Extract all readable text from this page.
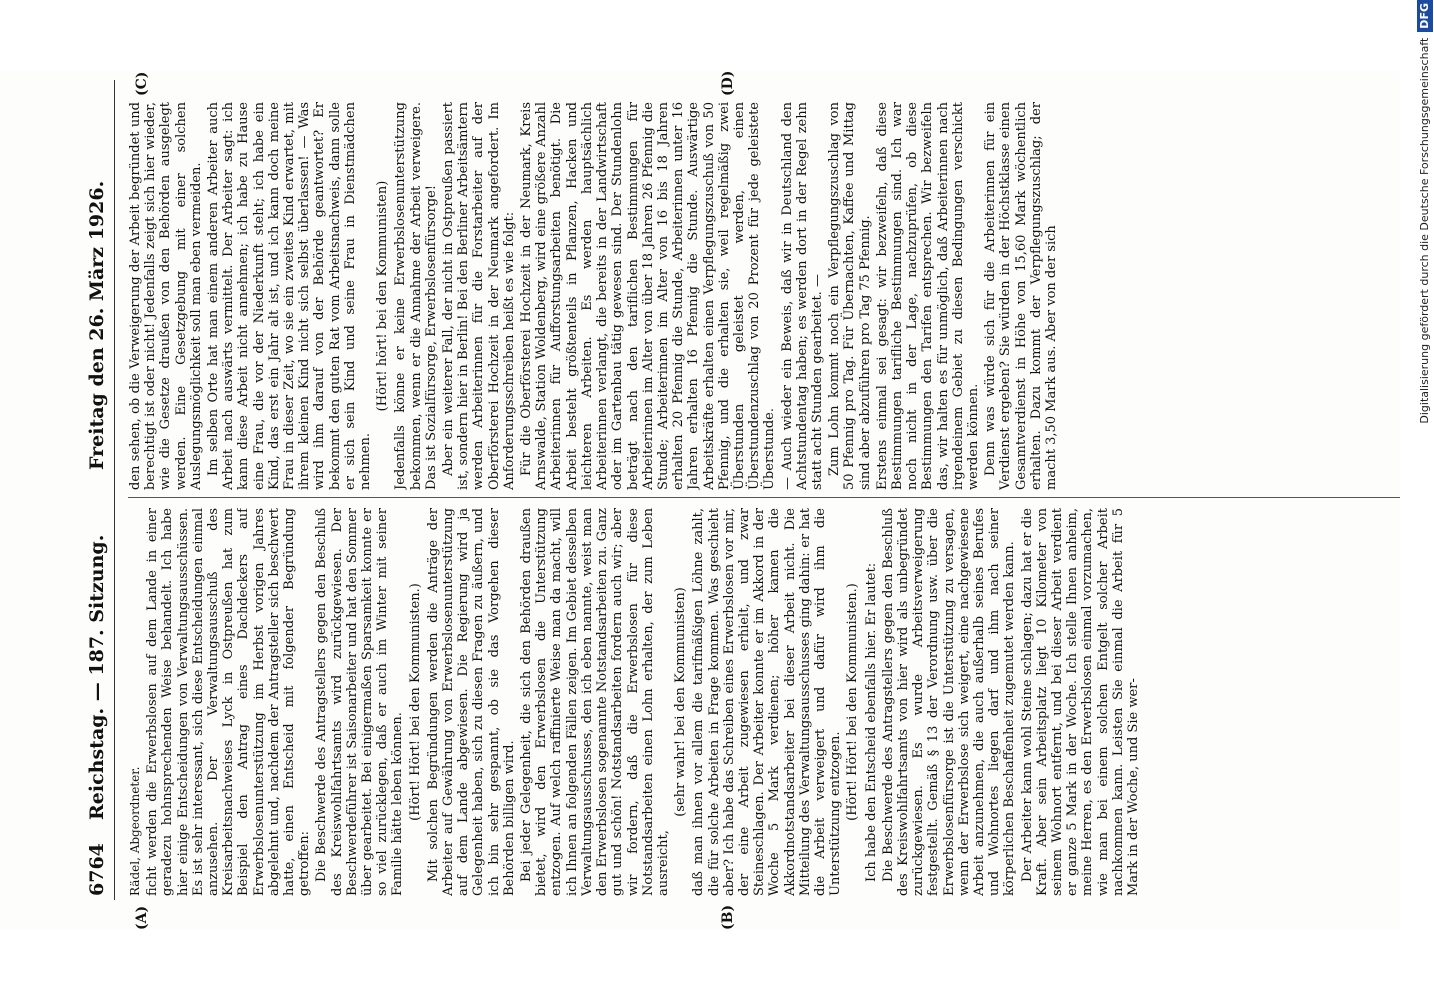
6764
Reichstag. — 187. Sitzung.
Freitag den 26. März 1926.
(A)	(B)
(C)	(D)

Rädel, Abgeordneter. ficht werden die Erwerbslosen auf dem Lande in einer geradezu hohnsprechenden Weise behandelt. Ich habe hier einige Entscheidungen von Verwaltungsausschüssen. Es ist sehr interessant, sich diese Entscheidungen einmal anzusehen. Der Verwaltungsausschuß des Kreisarbeitsnachweises Lyck in Ostpreußen hat zum Beispiel den Antrag eines Dachdeckers auf Erwerbslosenunterstützung im Herbst vorigen Jahres abgelehnt und, nachdem der Antragsteller sich beschwert hatte, einen Entscheid mit folgender Begründung getroffen: Die Beschwerde des Antragstellers gegen den Beschluß des Kreiswohlfahrtsamts wird zurückgewiesen. Der Beschwerdeführer ist Saisonarbeiter und hat den Sommer über gearbeitet. Bei einigermaßen Sparsamkeit konnte er so viel zurücklegen, daß er auch im Winter mit seiner Familie hätte leben können. (Hört! Hört! bei den Kommunisten.) Mit solchen Begründungen werden die Anträge der Arbeiter auf Gewährung von Erwerbslosenunterstützung auf dem Lande abgewiesen. Die Regierung wird ja Gelegenheit haben, sich zu diesen Fragen zu äußern, und ich bin sehr gespannt, ob sie das Vorgehen dieser Behörden billigen wird. Bei jeder Gelegenheit, die sich den Behörden draußen bietet, wird den Erwerbslosen die Unterstützung entzogen. Auf welch raffinierte Weise man da macht, will ich Ihnen an folgenden Fällen zeigen. Im Gebiet desselben Verwaltungsausschusses, den ich eben nannte, weist man den Erwerbslosen sogenannte Notstandsarbeiten zu. Ganz gut und schön! Notstandsarbeiten fordern auch wir; aber wir fordern, daß die Erwerbslosen für diese Notstandsarbeiten einen Lohn erhalten, der zum Leben ausreicht,

(sehr wahr! bei den Kommunisten) daß man ihnen vor allem die tarifmäßigen Löhne zahlt, die für solche Arbeiten in Frage kommen. Was geschieht aber? Ich habe das Schreiben eines Erwerbslosen vor mir, der eine Arbeit zugewiesen erhielt, und zwar Steineschlagen. Der Arbeiter konnte er im Akkord in der Woche 5 Mark verdienen; höher kamen die Akkordnotstandsarbeiter bei dieser Arbeit nicht. Die Mitteilung des Verwaltungsausschusses ging dahin: er hat die Arbeit verweigert und dafür wird ihm die Unterstützung entzogen. (Hört! Hört! bei den Kommunisten.) Ich habe den Entscheid ebenfalls hier. Er lautet: Die Beschwerde des Antragstellers gegen den Beschluß des Kreiswohlfahrtsamts von hier wird als unbegründet zurückgewiesen. Es wurde Arbeitsverweigerung festgestellt. Gemäß § 13 der Verordnung usw. über die Erwerbslosenfürsorge ist die Unterstützung zu versagen, wenn der Erwerbslose sich weigert, eine nachgewiesene Arbeit anzunehmen, die auch außerhalb seines Berufes und Wohnortes liegen darf und ihm nach seiner körperlichen Beschaffenheit zugemutet werden kann. Der Arbeiter kann wohl Steine schlagen; dazu hat er die Kraft. Aber sein Arbeitsplatz liegt 10 Kilometer von seinem Wohnort entfernt, und bei dieser Arbeit verdient er ganze 5 Mark in der Woche. Ich stelle Ihnen anheim, meine Herren, es den Erwerbslosen einmal vorzumachen, wie man bei einem solchen Entgelt solcher Arbeit nachkommen kann. Leisten Sie einmal die Arbeit für 5 Mark in der Woche, und Sie wer-

den sehen, ob die Verweigerung der Arbeit begründet und berechtigt ist oder nicht! Jedenfalls zeigt sich hier wieder, wie die Gesetze draußen von den Behörden ausgelegt werden. Eine Gesetzgebung mit einer solchen Auslegungsmöglichkeit soll man eben vermeiden. Im selben Orte hat man einem anderen Arbeiter auch Arbeit nach auswärts vermittelt. Der Arbeiter sagt: ich kann diese Arbeit nicht annehmen; ich habe zu Hause eine Frau, die vor der Niederkunft steht; ich habe ein Kind, das erst ein Jahr alt ist, und ich kann doch meine Frau in dieser Zeit, wo sie ein zweites Kind erwartet, mit ihrem kleinen Kind nicht sich selbst überlassen! — Was wird ihm darauf von der Behörde geantwortet? Er bekommt den guten Rat vom Arbeitsnachweis, dann solle er sich sein Kind und seine Frau in Dienstmädchen nehmen.

(Hört! hört! bei den Kommunisten) Jedenfalls könne er keine Erwerbslosenunterstützung bekommen, wenn er die Annahme der Arbeit verweigere. Das ist Sozialfürsorge, Erwerbslosenfürsorge! Aber ein weiterer Fall, der nicht in Ostpreußen passiert ist, sondern hier in Berlin! Bei den Berliner Arbeitsämtern werden Arbeiterinnen für die Forstarbeiter auf der Oberförsterei Hochzeit in der Neumark angefordert. Im Anforderungsschreiben heißt es wie folgt: Für die Oberförsterei Hochzeit in der Neumark, Kreis Arnswalde, Station Woldenberg, wird eine größere Anzahl Arbeiterinnen für Aufforstungsarbeiten benötigt. Die Arbeit besteht größtenteils in Pflanzen, Hacken und leichteren Arbeiten. Es werden hauptsächlich Arbeiterinnen verlangt, die bereits in der Landwirtschaft oder im Gartenbau tätig gewesen sind. Der Stundenlohn beträgt nach den tariflichen Bestimmungen für Arbeiterinnen im Alter von über 18 Jahren 26 Pfennig die Stunde; Arbeiterinnen im Alter von 16 bis 18 Jahren erhalten 20 Pfennig die Stunde, Arbeiterinnen unter 16 Jahren erhalten 16 Pfennig die Stunde. Auswärtige Arbeitskräfte erhalten einen Verpflegungszuschuß von 50 Pfennig, und die erhalten sie, weil regelmäßig zwei Überstunden geleistet werden, einen Überstundenzuschlag von 20 Prozent für jede geleistete Überstunde. — Auch wieder ein Beweis, daß wir in Deutschland den Achtstundentag haben; es werden dort in der Regel zehn statt acht Stunden gearbeitet. — Zum Lohn kommt noch ein Verpflegungszuschlag von 50 Pfennig pro Tag. Für Übernachten, Kaffee und Mittag sind aber abzuführen pro Tag 75 Pfennig. Erstens einmal sei gesagt: wir bezweifeln, daß diese Bestimmungen tarifliche Bestimmungen sind. Ich war noch nicht in der Lage, nachzuprüfen, ob diese Bestimmungen den Tarifen entsprechen. Wir bezweifeln das, wir halten es für unmöglich, daß Arbeiterinnen nach irgendeinem Gebiet zu diesen Bedingungen verschickt werden können. Denn was würde sich für die Arbeiterinnen für ein Verdienst ergeben? Sie würden in der Höchstklasse einen Gesamtverdienst in Höhe von 15,60 Mark wöchentlich erhalten. Dazu kommt der Verpflegungszuschlag; der macht 3,50 Mark aus. Aber von der sich	Digitalisierung gefördert durch die Deutsche ForschungsgemeinschaftDFG
